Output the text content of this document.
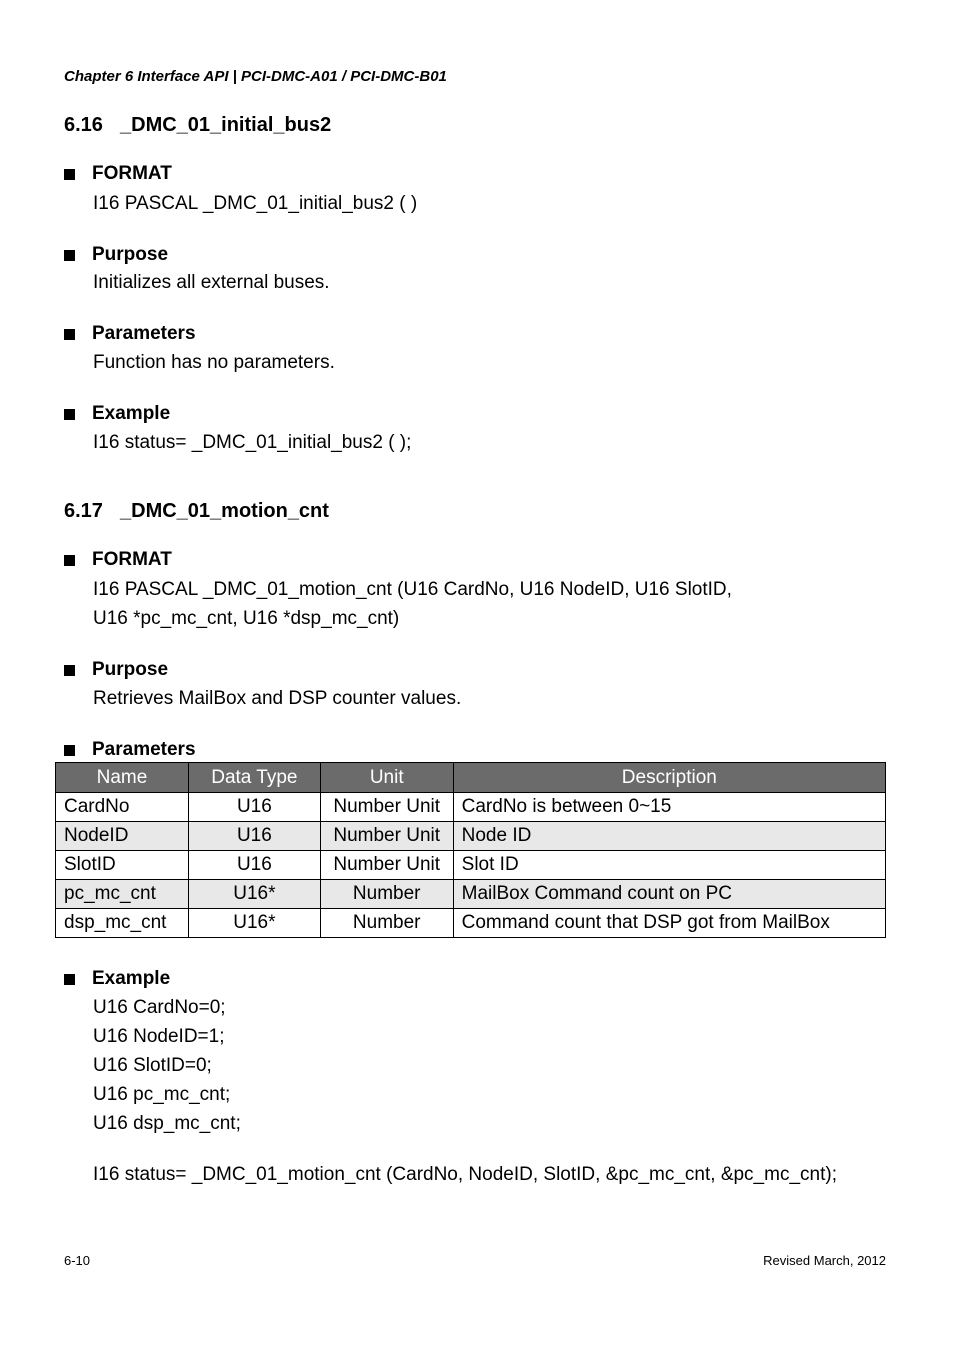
Chapter 6 Interface API | PCI-DMC-A01 / PCI-DMC-B01
6.16 _DMC_01_initial_bus2
FORMAT
I16 PASCAL _DMC_01_initial_bus2 ( )
Purpose
Initializes all external buses.
Parameters
Function has no parameters.
Example
I16 status= _DMC_01_initial_bus2 ( );
6.17 _DMC_01_motion_cnt
FORMAT
I16 PASCAL _DMC_01_motion_cnt (U16 CardNo, U16 NodeID, U16 SlotID,
U16 *pc_mc_cnt, U16 *dsp_mc_cnt)
Purpose
Retrieves MailBox and DSP counter values.
Parameters
Name	Data Type	Unit	Description
CardNo	U16	Number Unit	CardNo is between 0~15
NodeID	U16	Number Unit	Node ID
SlotID	U16	Number Unit	Slot ID
pc_mc_cnt	U16*	Number	MailBox Command count on PC
dsp_mc_cnt	U16*	Number	Command count that DSP got from MailBox
Example
U16 CardNo=0;
U16 NodeID=1;
U16 SlotID=0;
U16 pc_mc_cnt;
U16 dsp_mc_cnt;
I16 status= _DMC_01_motion_cnt (CardNo, NodeID, SlotID, &pc_mc_cnt, &pc_mc_cnt);
6-10	Revised March, 2012
